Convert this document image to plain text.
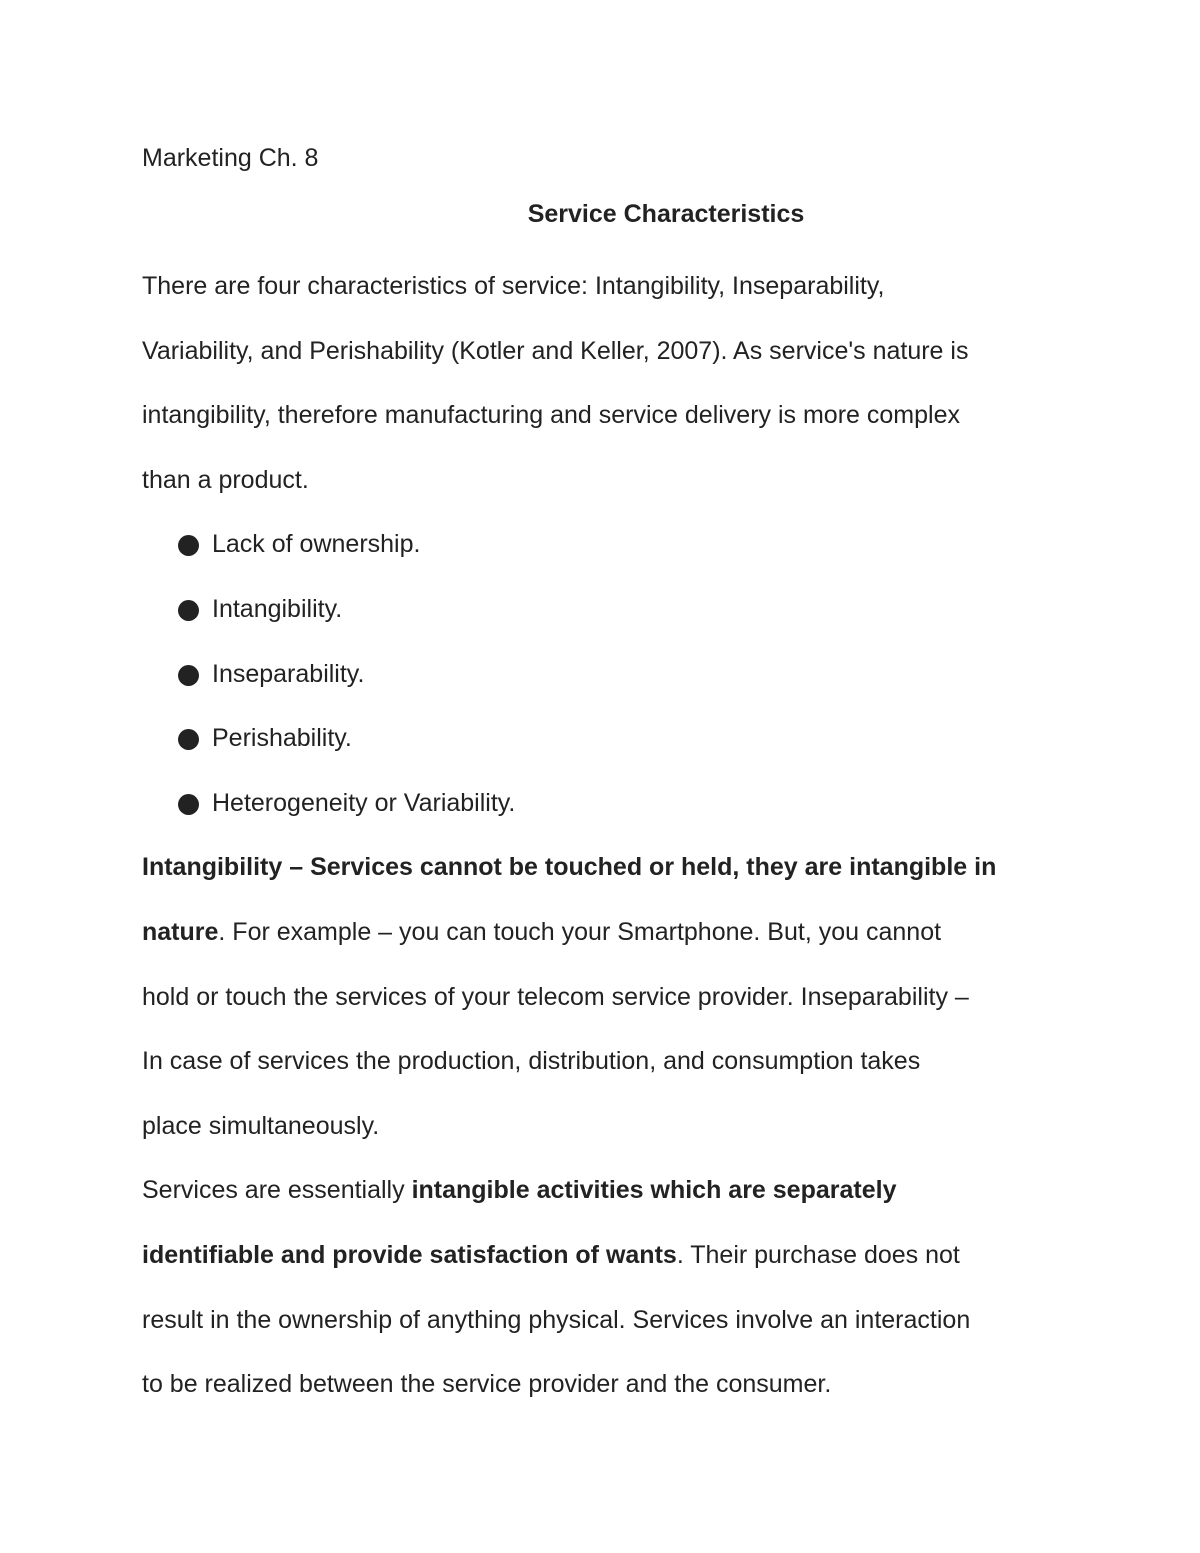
Marketing Ch. 8
Service Characteristics
There are four characteristics of service: Intangibility, Inseparability,
Variability, and Perishability (Kotler and Keller, 2007). As service's nature is
intangibility, therefore manufacturing and service delivery is more complex
than a product.
Lack of ownership.
Intangibility.
Inseparability.
Perishability.
Heterogeneity or Variability.
Intangibility – Services cannot be touched or held, they are intangible in
nature. For example – you can touch your Smartphone. But, you cannot
hold or touch the services of your telecom service provider. Inseparability –
In case of services the production, distribution, and consumption takes
place simultaneously.
Services are essentially intangible activities which are separately
identifiable and provide satisfaction of wants. Their purchase does not
result in the ownership of anything physical. Services involve an interaction
to be realized between the service provider and the consumer.
